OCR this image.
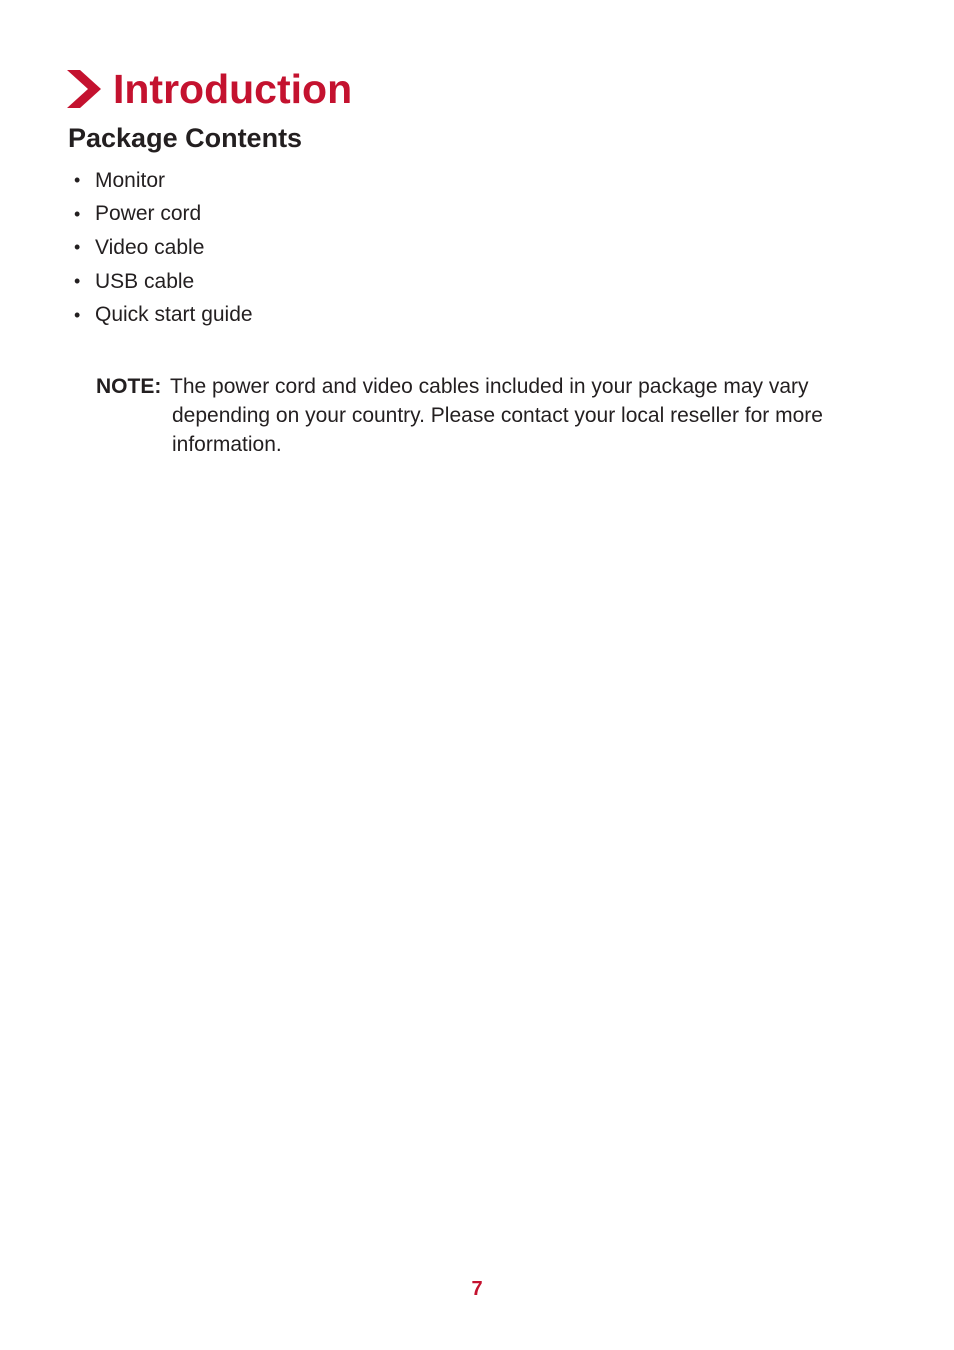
Introduction
Package Contents
• Monitor
• Power cord
• Video cable
• USB cable
• Quick start guide
NOTE: The power cord and video cables included in your package may vary depending on your country. Please contact your local reseller for more information.
7
